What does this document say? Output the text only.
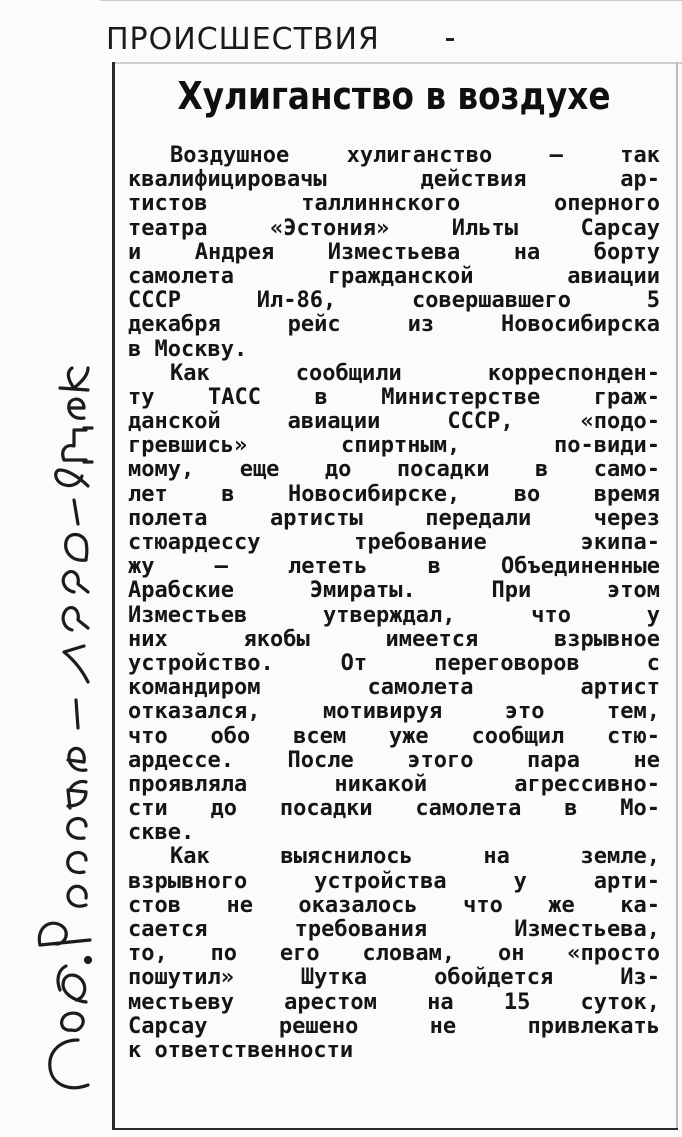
ПРОИСШЕСТВИЯ
Хулиганство в воздухе
Воздушное хулиганство — так
квалифицировачы действия ар-
тистов таллиннского оперного
театра «Эстония» Ильты Сарсау
и Андрея Изместьева на борту
самолета гражданской авиации
СССР Ил-86, совершавшего 5
декабря рейс из Новосибирска
в Москву.
Как сообщили корреспонден-
ту ТАСС в Министерстве граж-
данской авиации СССР, «подо-
гревшись» спиртным, по-види-
мому, еще до посадки в само-
лет в Новосибирске, во время
полета артисты передали через
стюардессу требование экипа-
жу — лететь в Объединенные
Арабские Эмираты. При этом
Изместьев утверждал, что у
них якобы имеется взрывное
устройство. От переговоров с
командиром самолета артист
отказался, мотивируя это тем,
что обо всем уже сообщил стю-
ардессе. После этого пара не
проявляла никакой агрессивно-
сти до посадки самолета в Мо-
скве.
Как выяснилось на земле,
взрывного устройства у арти-
стов не оказалось что же ка-
сается требования Изместьева,
то, по его словам, он «просто
пошутил» Шутка обойдется Из-
местьеву арестом на 15 суток,
Сарсау решено не привлекать
к ответственности
